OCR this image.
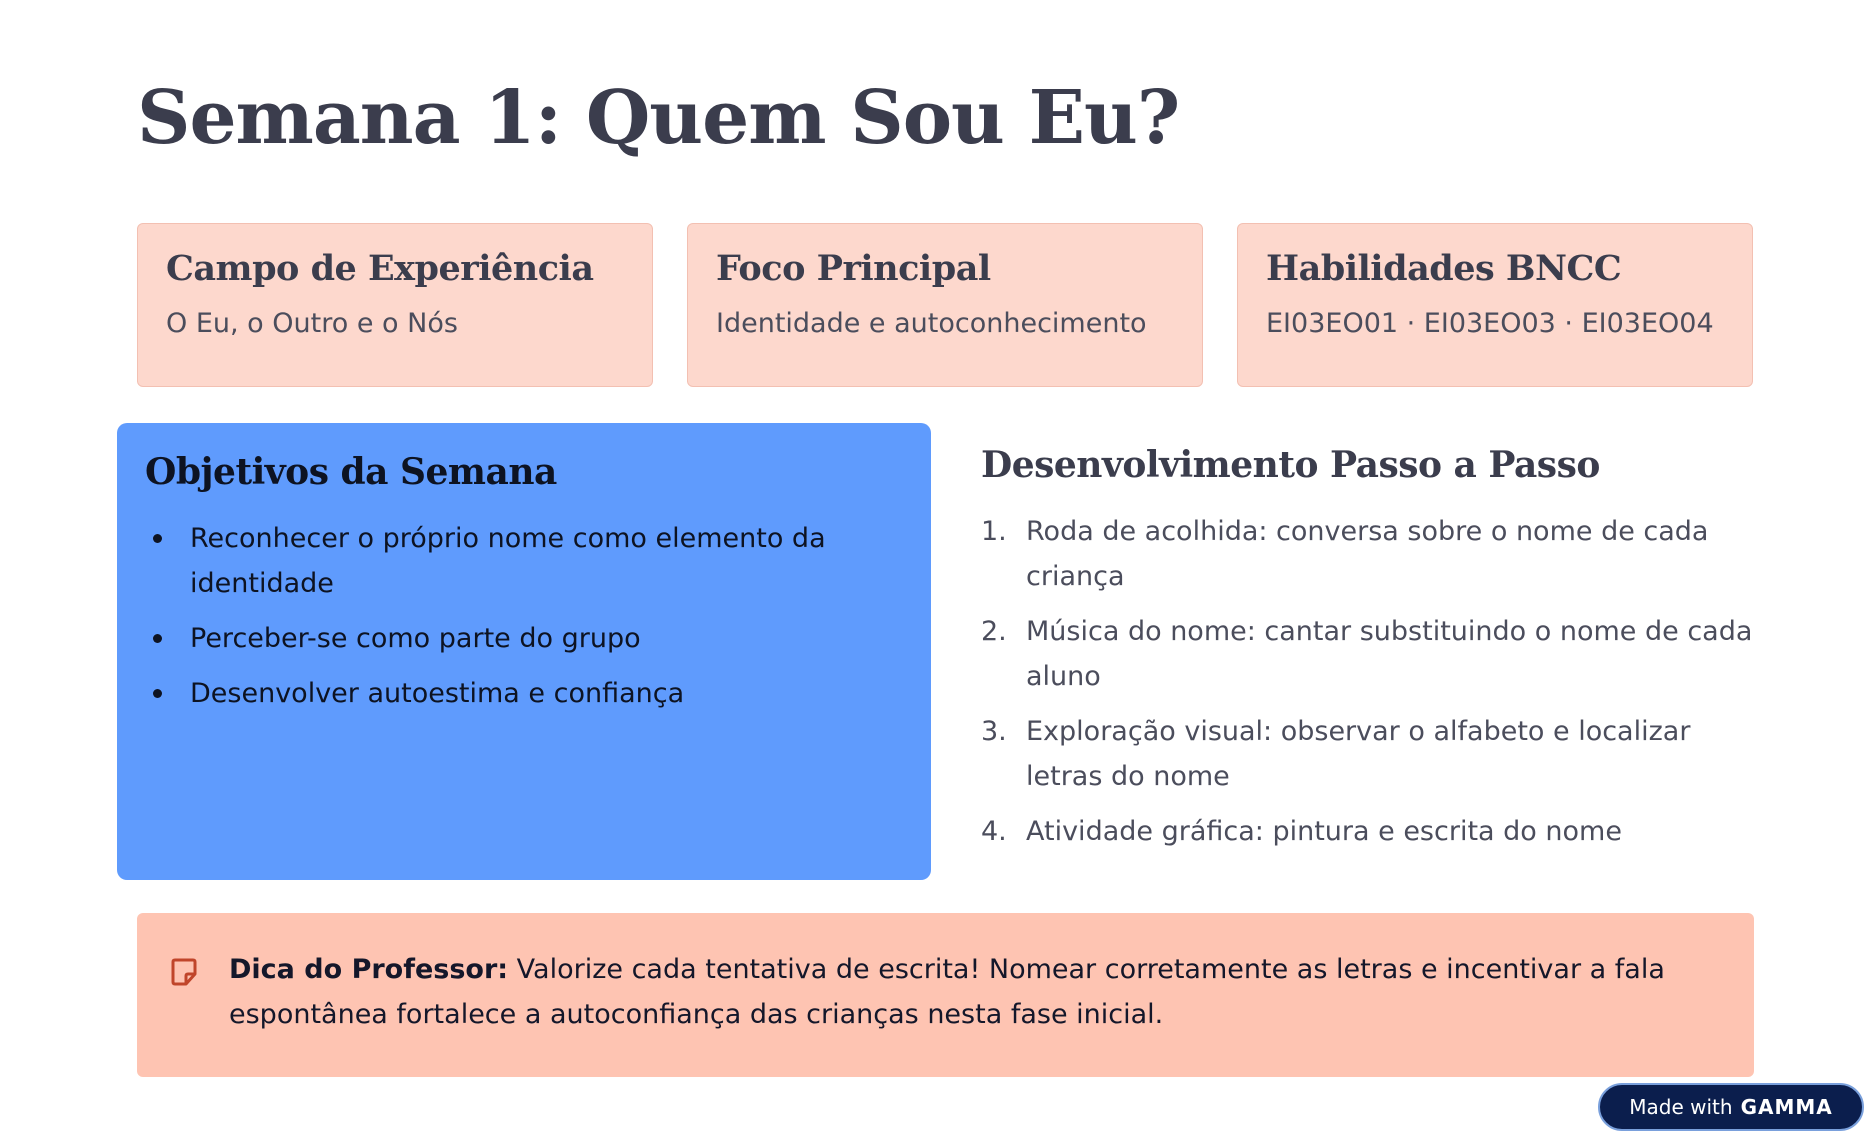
Semana 1: Quem Sou Eu?
Campo de Experiência

O Eu, o Outro e o Nós

Foco Principal

Identidade e autoconhecimento

Habilidades BNCC

EI03EO01 · EI03EO03 · EI03EO04

Objetivos da Semana
Reconhecer o próprio nome como elemento da identidade
Perceber-se como parte do grupo
Desenvolver autoestima e confiança
Desenvolvimento Passo a Passo
1. Roda de acolhida: conversa sobre o nome de cada criança
2. Música do nome: cantar substituindo o nome de cada aluno
3. Exploração visual: observar o alfabeto e localizar letras do nome
4. Atividade gráfica: pintura e escrita do nome

Dica do Professor: Valorize cada tentativa de escrita! Nomear corretamente as letras e incentivar a fala espontânea fortalece a autoconfiança das crianças nesta fase inicial.

Made with GAMMA
